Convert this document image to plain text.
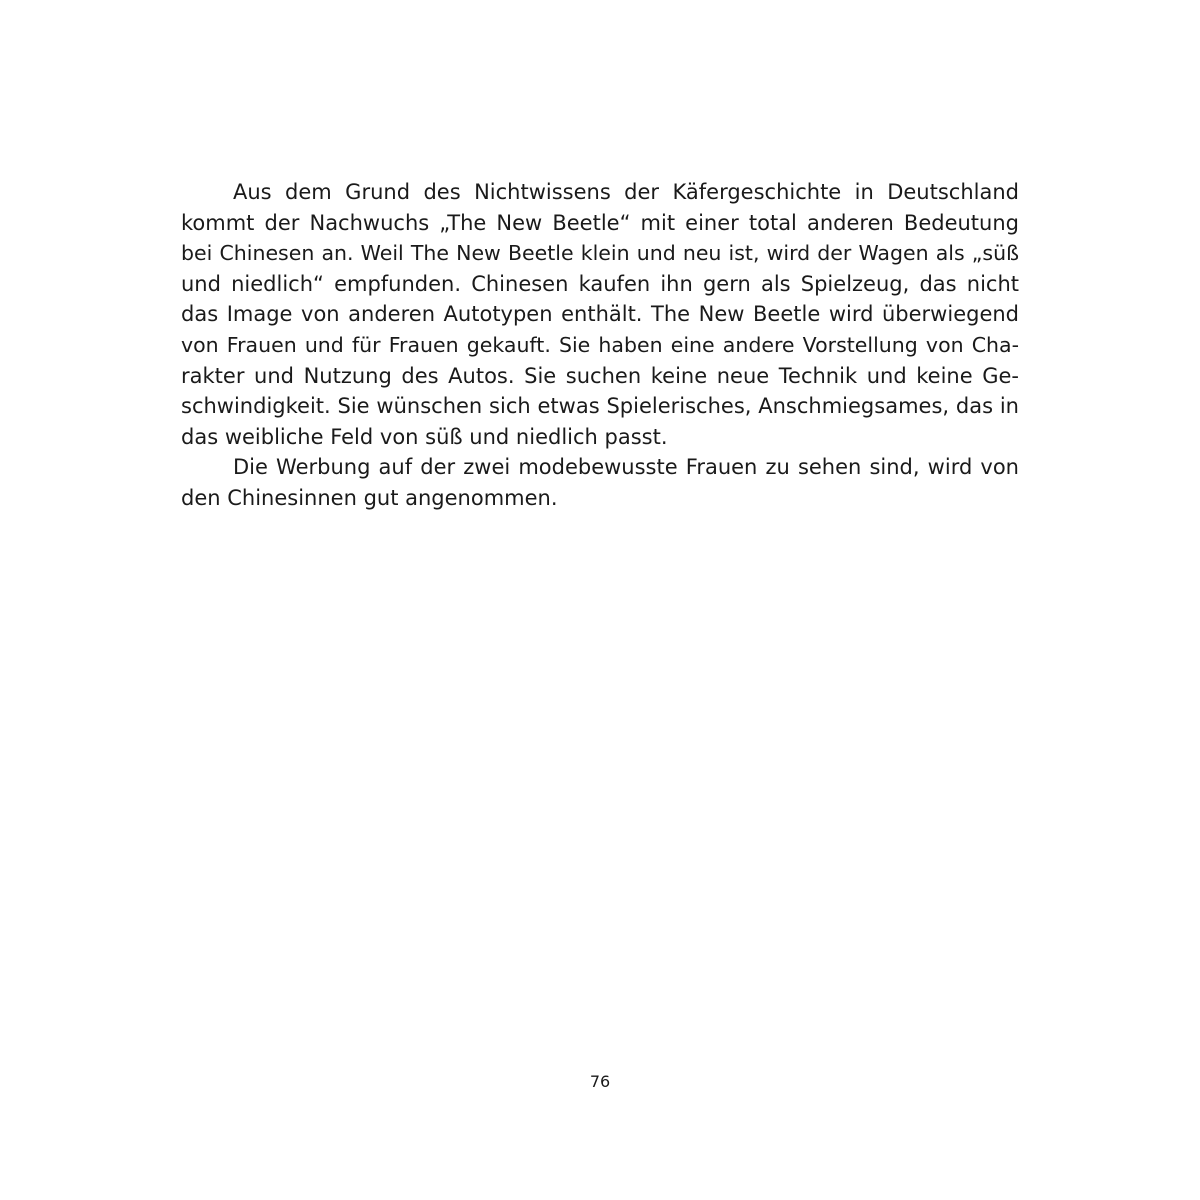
Aus dem Grund des Nichtwissens der Käfergeschichte in Deutschland
kommt der Nachwuchs „The New Beetle“ mit einer total anderen Bedeutung
bei Chinesen an. Weil The New Beetle klein und neu ist, wird der Wagen als „süß
und niedlich“ empfunden. Chinesen kaufen ihn gern als Spielzeug, das nicht
das Image von anderen Autotypen enthält. The New Beetle wird überwiegend
von Frauen und für Frauen gekauft. Sie haben eine andere Vorstellung von Cha-
rakter und Nutzung des Autos. Sie suchen keine neue Technik und keine Ge-
schwindigkeit. Sie wünschen sich etwas Spielerisches, Anschmiegsames, das in
das weibliche Feld von süß und niedlich passt.
Die Werbung auf der zwei modebewusste Frauen zu sehen sind, wird von
den Chinesinnen gut angenommen.
76
